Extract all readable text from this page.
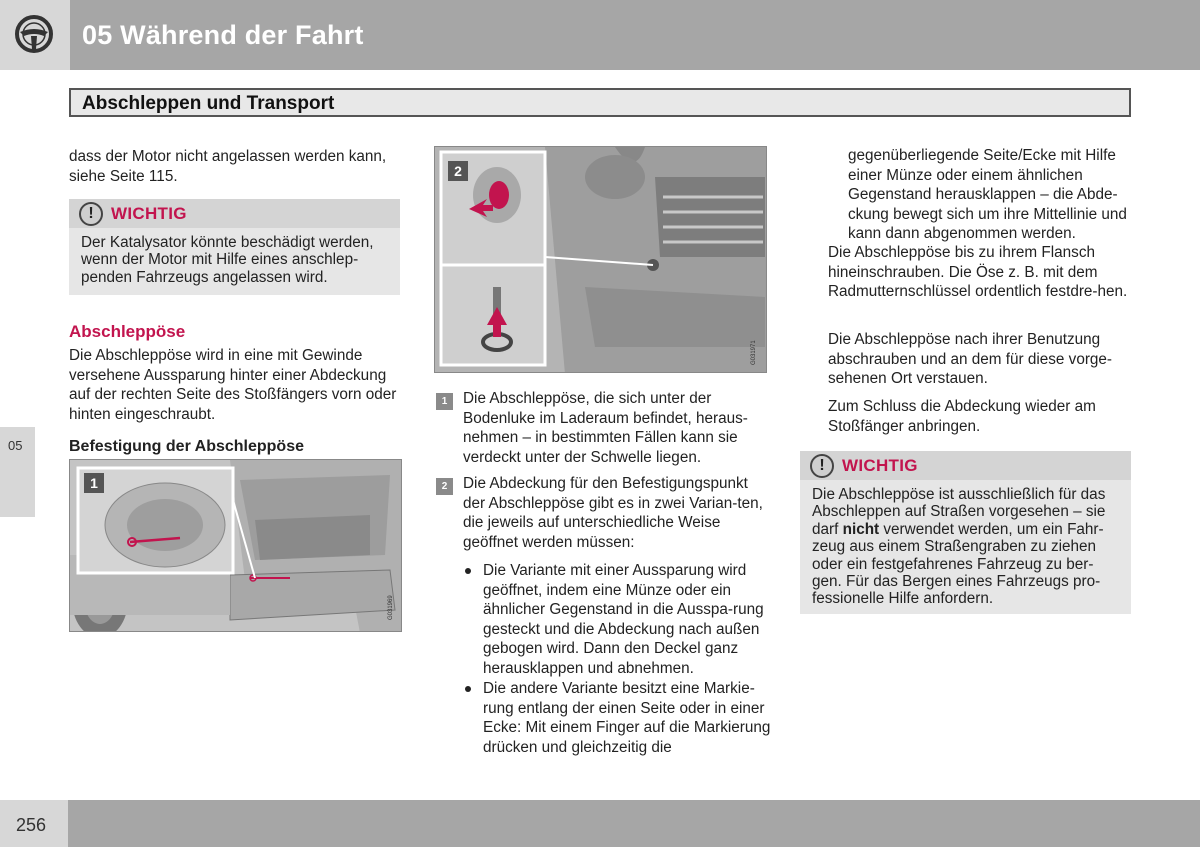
05 Während der Fahrt
Abschleppen und Transport
05
dass der Motor nicht angelassen werden kann, siehe Seite 115.
!
WICHTIG
Der Katalysator könnte beschädigt werden, wenn der Motor mit Hilfe eines anschlep-penden Fahrzeugs angelassen wird.
Abschleppöse
Die Abschleppöse wird in eine mit Gewinde versehene Aussparung hinter einer Abdeckung auf der rechten Seite des Stoßfängers vorn oder hinten eingeschraubt.
Befestigung der Abschleppöse
1
G031969
2
G031971
1	Die Abschleppöse, die sich unter der Bodenluke im Laderaum befindet, heraus-nehmen – in bestimmten Fällen kann sie verdeckt unter der Schwelle liegen.
2	Die Abdeckung für den Befestigungspunkt der Abschleppöse gibt es in zwei Varian-ten, die jeweils auf unterschiedliche Weise geöffnet werden müssen:
Die Variante mit einer Aussparung wird geöffnet, indem eine Münze oder ein ähnlicher Gegenstand in die Ausspa-rung gesteckt und die Abdeckung nach außen gebogen wird. Dann den Deckel ganz herausklappen und abnehmen.
Die andere Variante besitzt eine Markie-rung entlang der einen Seite oder in einer Ecke: Mit einem Finger auf die Markierung drücken und gleichzeitig die
gegenüberliegende Seite/Ecke mit Hilfe einer Münze oder einem ähnlichen Gegenstand herausklappen – die Abde-ckung bewegt sich um ihre Mittellinie und kann dann abgenommen werden.
Die Abschleppöse bis zu ihrem Flansch hineinschrauben. Die Öse z. B. mit dem Radmutternschlüssel ordentlich festdre-hen.
Die Abschleppöse nach ihrer Benutzung abschrauben und an dem für diese vorge-sehenen Ort verstauen.
Zum Schluss die Abdeckung wieder am Stoßfänger anbringen.
!
WICHTIG
Die Abschleppöse ist ausschließlich für das Abschleppen auf Straßen vorgesehen – sie darf nicht verwendet werden, um ein Fahr-zeug aus einem Straßengraben zu ziehen oder ein festgefahrenes Fahrzeug zu ber-gen. Für das Bergen eines Fahrzeugs pro-fessionelle Hilfe anfordern.
256
